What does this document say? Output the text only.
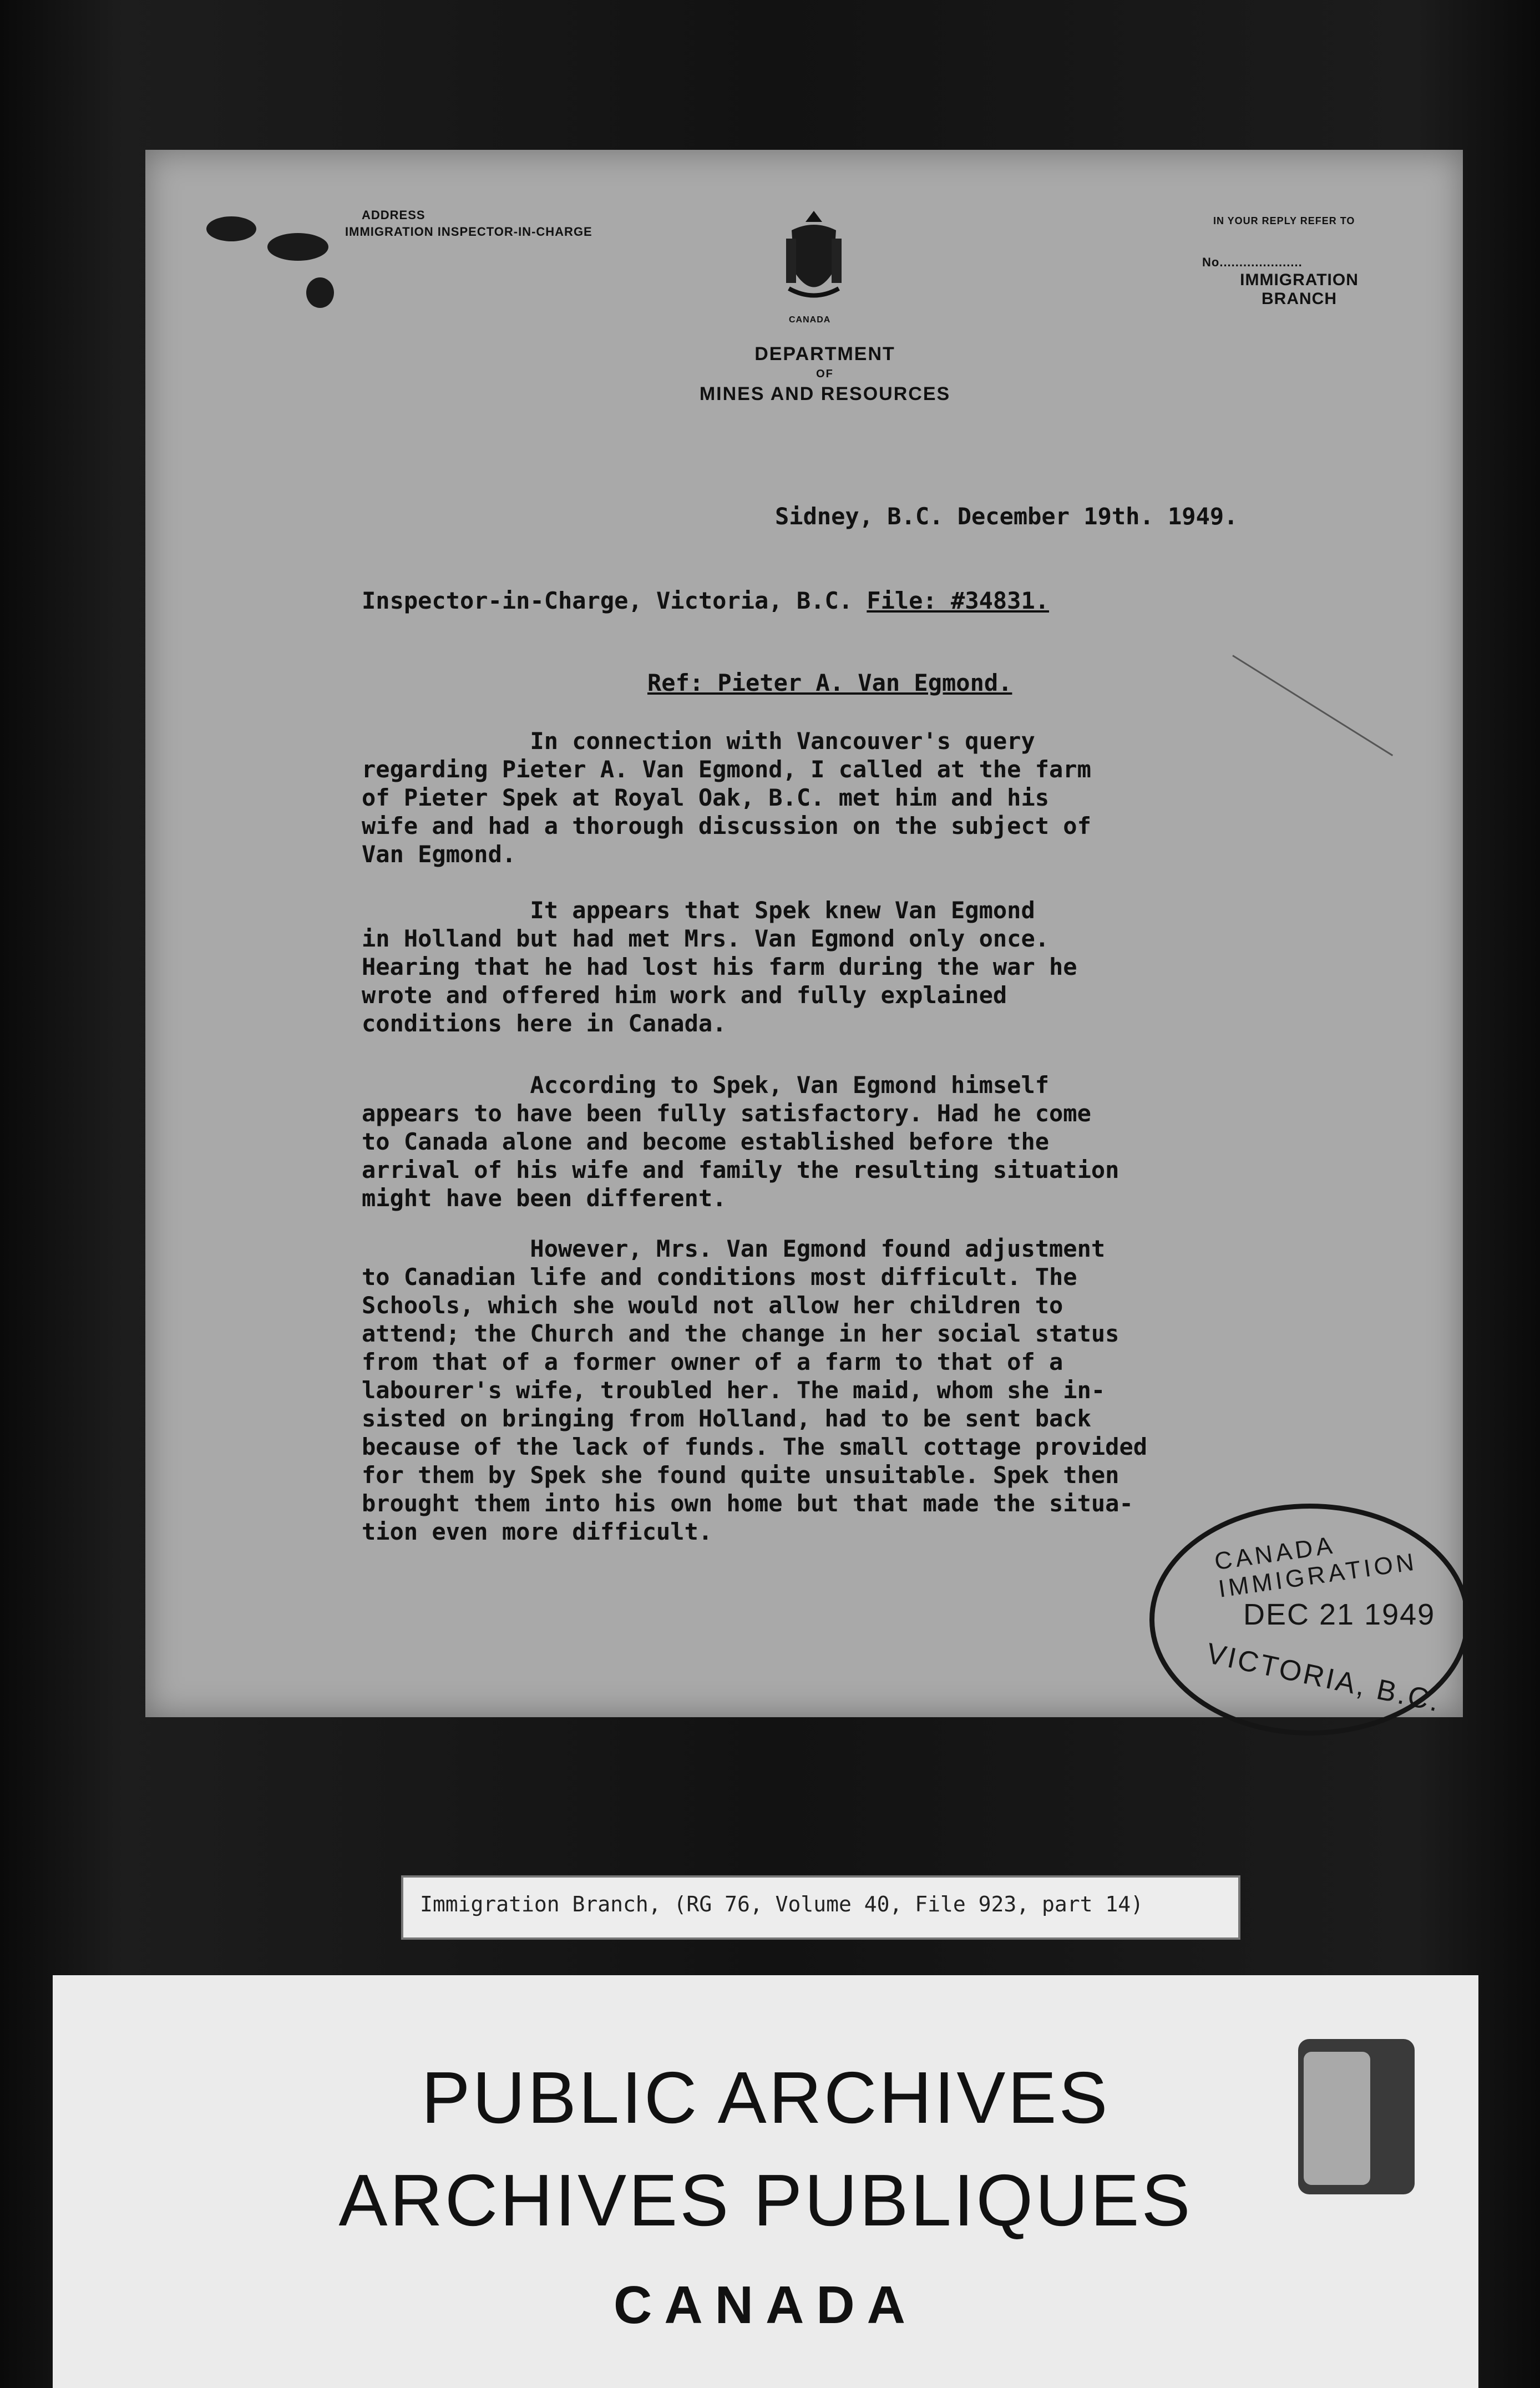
ADDRESS
IMMIGRATION INSPECTOR-IN-CHARGE
CANADA
DEPARTMENT
OF
MINES AND RESOURCES
IN YOUR REPLY REFER TO
No.....................
IMMIGRATION
BRANCH
Sidney, B.C. December 19th. 1949.
Inspector-in-Charge, Victoria, B.C. File: #34831.
Ref: Pieter A. Van Egmond.
In connection with Vancouver's query
regarding Pieter A. Van Egmond, I called at the farm
of Pieter Spek at Royal Oak, B.C. met him and his
wife and had a thorough discussion on the subject of
Van Egmond.
It appears that Spek knew Van Egmond
in Holland but had met Mrs. Van Egmond only once.
Hearing that he had lost his farm during the war he
wrote and offered him work and fully explained
conditions here in Canada.
According to Spek, Van Egmond himself
appears to have been fully satisfactory. Had he come
to Canada alone and become established before the
arrival of his wife and family the resulting situation
might have been different.
However, Mrs. Van Egmond found adjustment
to Canadian life and conditions most difficult. The
Schools, which she would not allow her children to
attend; the Church and the change in her social status
from that of a former owner of a farm to that of a
labourer's wife, troubled her. The maid, whom she in-
sisted on bringing from Holland, had to be sent back
because of the lack of funds. The small cottage provided
for them by Spek she found quite unsuitable. Spek then
brought them into his own home but that made the situa-
tion even more difficult.
CANADA IMMIGRATION
DEC 21 1949
VICTORIA, B.C.
Immigration Branch, (RG 76, Volume 40, File 923, part 14)
PUBLIC ARCHIVES
ARCHIVES PUBLIQUES
CANADA
